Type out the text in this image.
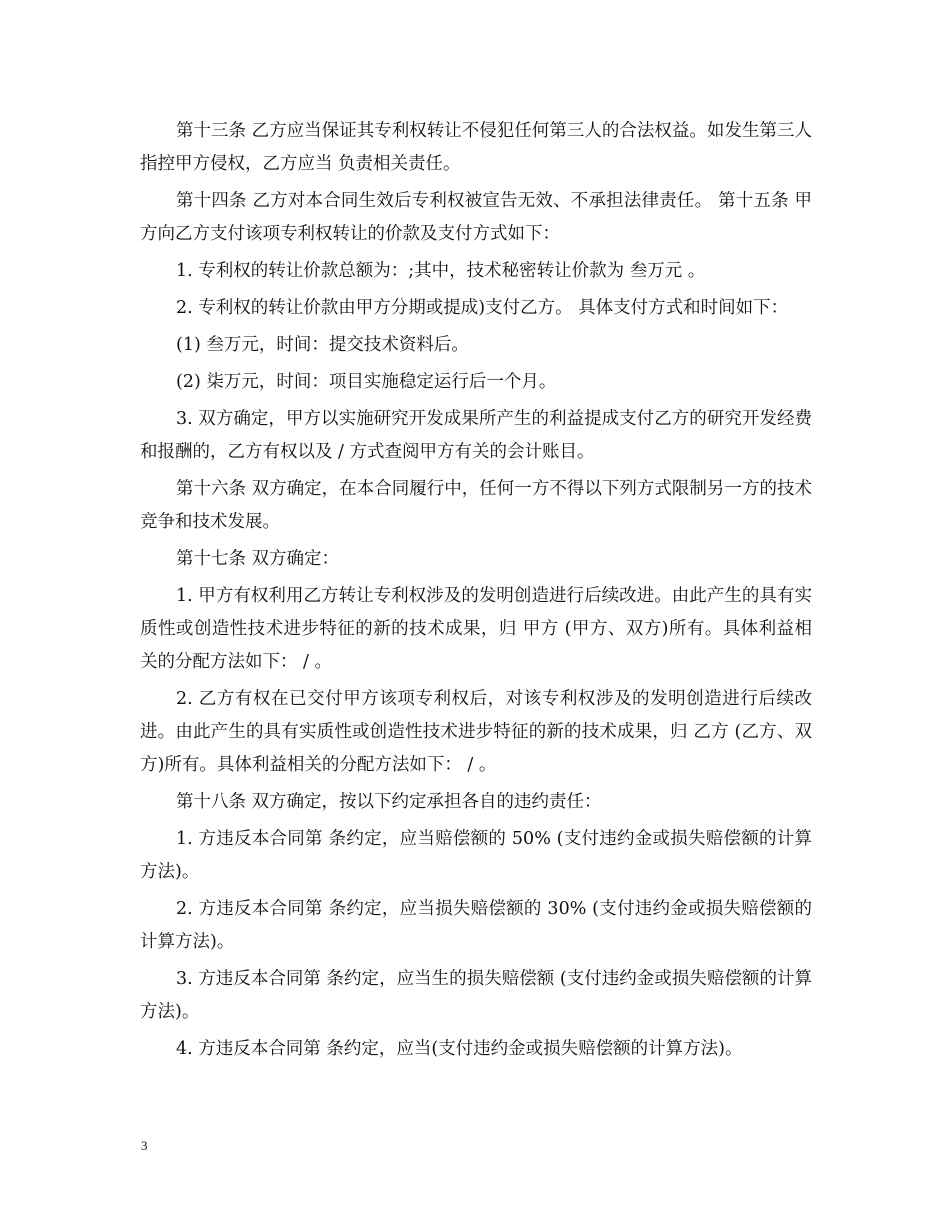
第十三条 乙方应当保证其专利权转让不侵犯任何第三人的合法权益。如发生第三人指控甲方侵权，乙方应当 负责相关责任。

第十四条 乙方对本合同生效后专利权被宣告无效、不承担法律责任。 第十五条 甲方向乙方支付该项专利权转让的价款及支付方式如下：

1. 专利权的转让价款总额为：;其中，技术秘密转让价款为 叁万元 。

2. 专利权的转让价款由甲方分期或提成)支付乙方。 具体支付方式和时间如下：

(1) 叁万元，时间：提交技术资料后。

(2) 柒万元，时间：项目实施稳定运行后一个月。

3. 双方确定，甲方以实施研究开发成果所产生的利益提成支付乙方的研究开发经费和报酬的，乙方有权以及 / 方式查阅甲方有关的会计账目。

第十六条 双方确定，在本合同履行中，任何一方不得以下列方式限制另一方的技术竞争和技术发展。

第十七条 双方确定：

1. 甲方有权利用乙方转让专利权涉及的发明创造进行后续改进。由此产生的具有实质性或创造性技术进步特征的新的技术成果，归 甲方 (甲方、双方)所有。具体利益相关的分配方法如下： / 。

2. 乙方有权在已交付甲方该项专利权后，对该专利权涉及的发明创造进行后续改进。由此产生的具有实质性或创造性技术进步特征的新的技术成果，归 乙方 (乙方、双方)所有。具体利益相关的分配方法如下： / 。

第十八条 双方确定，按以下约定承担各自的违约责任：

1. 方违反本合同第 条约定，应当赔偿额的 50% (支付违约金或损失赔偿额的计算方法)。

2. 方违反本合同第 条约定，应当损失赔偿额的 30% (支付违约金或损失赔偿额的计算方法)。

3. 方违反本合同第 条约定，应当生的损失赔偿额 (支付违约金或损失赔偿额的计算方法)。

4. 方违反本合同第 条约定，应当(支付违约金或损失赔偿额的计算方法)。

3
